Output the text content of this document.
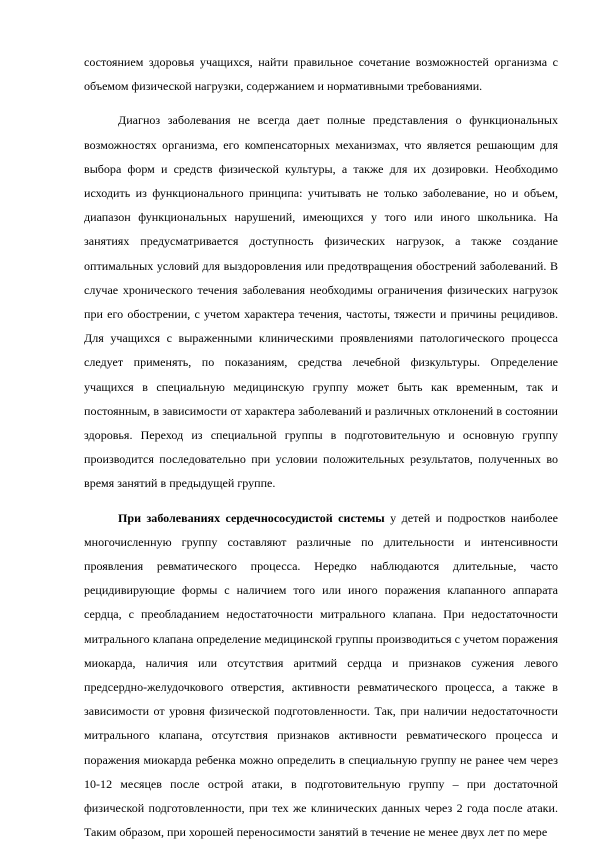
состоянием здоровья учащихся, найти правильное сочетание возможностей организма с объемом физической нагрузки, содержанием и нормативными требованиями.

Диагноз заболевания не всегда дает полные представления о функциональных возможностях организма, его компенсаторных механизмах, что является решающим для выбора форм и средств физической культуры, а также для их дозировки. Необходимо исходить из функционального принципа: учитывать не только заболевание, но и объем, диапазон функциональных нарушений, имеющихся у того или иного школьника. На занятиях предусматривается доступность физических нагрузок, а также создание оптимальных условий для выздоровления или предотвращения обострений заболеваний. В случае хронического течения заболевания необходимы ограничения физических нагрузок при его обострении, с учетом характера течения, частоты, тяжести и причины рецидивов. Для учащихся с выраженными клиническими проявлениями патологического процесса следует применять, по показаниям, средства лечебной физкультуры. Определение учащихся в специальную медицинскую группу может быть как временным, так и постоянным, в зависимости от характера заболеваний и различных отклонений в состоянии здоровья. Переход из специальной группы в подготовительную и основную группу производится последовательно при условии положительных результатов, полученных во время занятий в предыдущей группе.

При заболеваниях сердечнососудистой системы у детей и подростков наиболее многочисленную группу составляют различные по длительности и интенсивности проявления ревматического процесса. Нередко наблюдаются длительные, часто рецидивирующие формы с наличием того или иного поражения клапанного аппарата сердца, с преобладанием недостаточности митрального клапана. При недостаточности митрального клапана определение медицинской группы производиться с учетом поражения миокарда, наличия или отсутствия аритмий сердца и признаков сужения левого предсердно-желудочкового отверстия, активности ревматического процесса, а также в зависимости от уровня физической подготовленности. Так, при наличии недостаточности митрального клапана, отсутствия признаков активности ревматического процесса и поражения миокарда ребенка можно определить в специальную группу не ранее чем через 10-12 месяцев после острой атаки, в подготовительную группу – при достаточной физической подготовленности, при тех же клинических данных через 2 года после атаки. Таким образом, при хорошей переносимости занятий в течение не менее двух лет по мере
